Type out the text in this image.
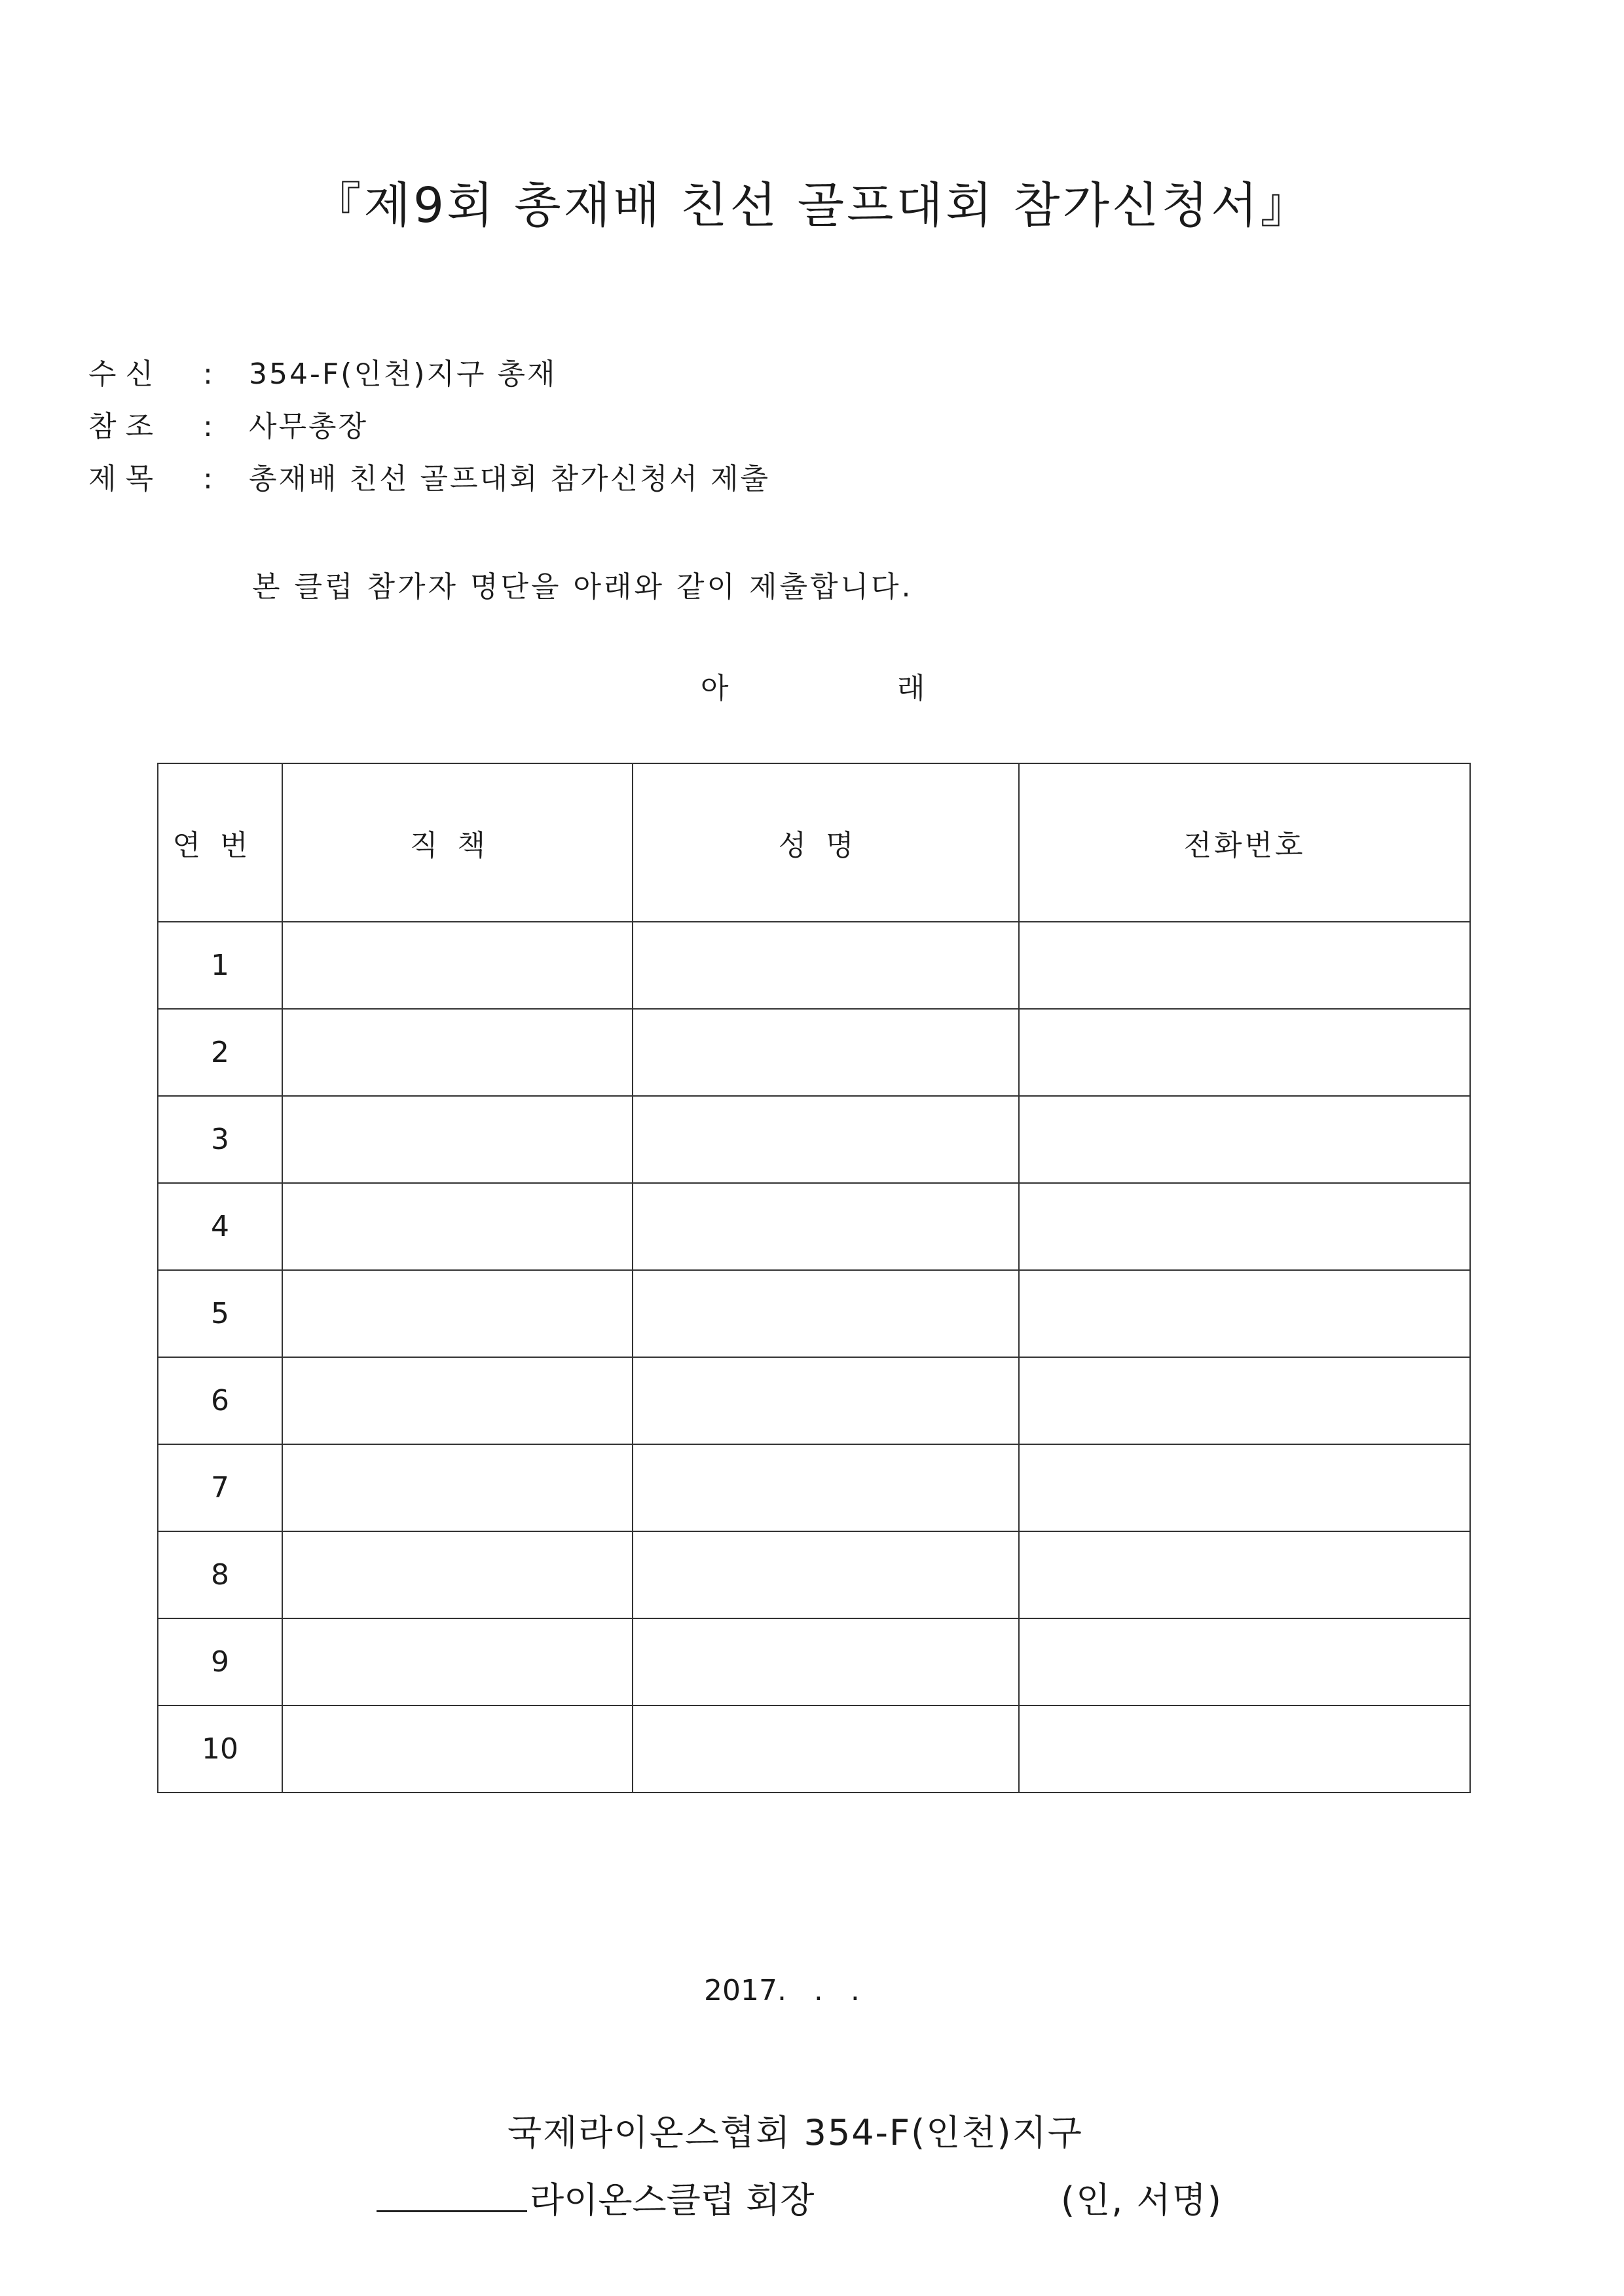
『제9회 총재배 친선 골프대회 참가신청서』
수 신 : 354-F(인천)지구 총재
참 조 : 사무총장
제 목 : 총재배 친선 골프대회 참가신청서 제출
본 클럽 참가자 명단을 아래와 같이 제출합니다.
아	래
연번	직책	성명	전화번호
1			
2			
3			
4			
5			
6			
7			
8			
9			
10			
2017.   .   .
국제라이온스협회 354-F(인천)지구
라이온스클럽 회장	(인, 서명)
